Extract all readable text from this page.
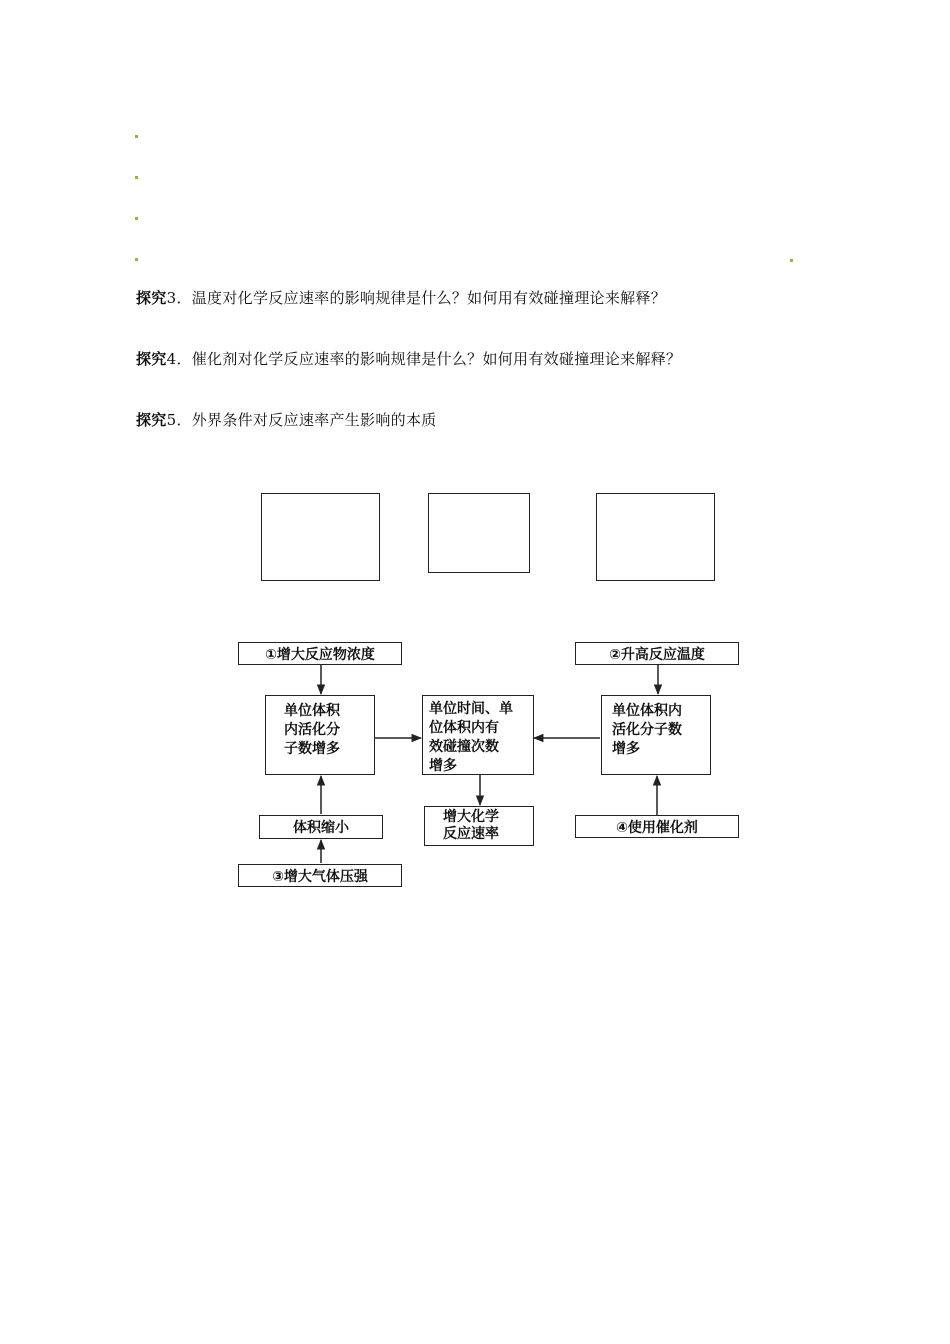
探究3．温度对化学反应速率的影响规律是什么？如何用有效碰撞理论来解释？
探究4．催化剂对化学反应速率的影响规律是什么？如何用有效碰撞理论来解释？
探究5．外界条件对反应速率产生影响的本质
①增大反应物浓度	②升高反应温度
单位体积
内活化分
子数增多
单位时间、单
位体积内有
效碰撞次数
增多
单位体积内
活化分子数
增多
增大化学
反应速率
体积缩小	④使用催化剂
③增大气体压强
